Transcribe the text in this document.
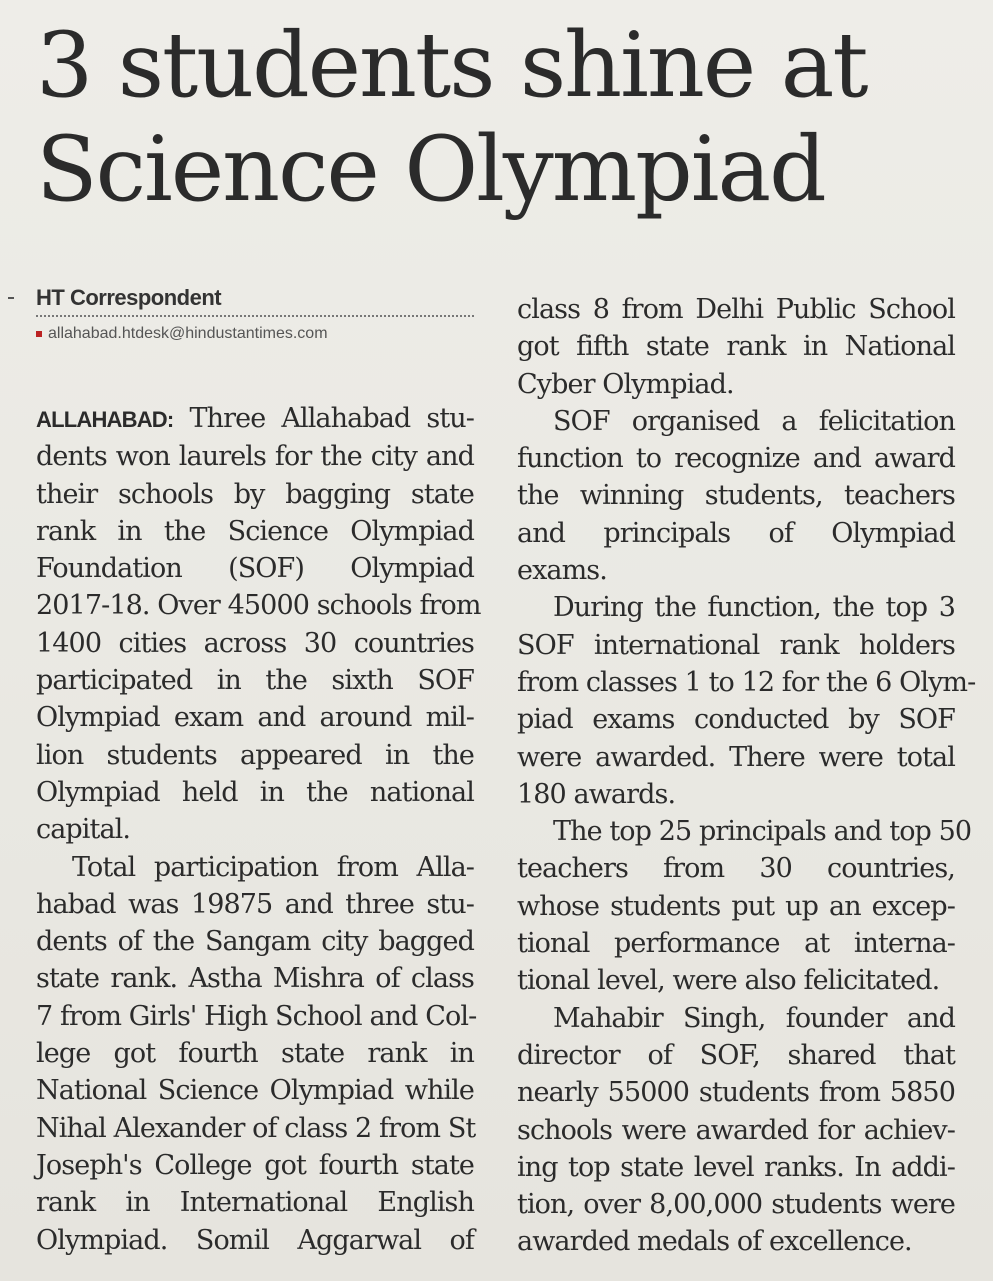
3 students shine at
Science Olympiad
HT Correspondent
allahabad.htdesk@hindustantimes.com
ALLAHABAD: Three Allahabad stu-
dents won laurels for the city and
their schools by bagging state
rank in the Science Olympiad
Foundation (SOF) Olympiad
2017-18. Over 45000 schools from
1400 cities across 30 countries
participated in the sixth SOF
Olympiad exam and around mil-
lion students appeared in the
Olympiad held in the national
capital.
Total participation from Alla-
habad was 19875 and three stu-
dents of the Sangam city bagged
state rank. Astha Mishra of class
7 from Girls' High School and Col-
lege got fourth state rank in
National Science Olympiad while
Nihal Alexander of class 2 from St
Joseph's College got fourth state
rank in International English
Olympiad. Somil Aggarwal of
class 8 from Delhi Public School
got fifth state rank in National
Cyber Olympiad.
SOF organised a felicitation
function to recognize and award
the winning students, teachers
and principals of Olympiad
exams.
During the function, the top 3
SOF international rank holders
from classes 1 to 12 for the 6 Olym-
piad exams conducted by SOF
were awarded. There were total
180 awards.
The top 25 principals and top 50
teachers from 30 countries,
whose students put up an excep-
tional performance at interna-
tional level, were also felicitated.
Mahabir Singh, founder and
director of SOF, shared that
nearly 55000 students from 5850
schools were awarded for achiev-
ing top state level ranks. In addi-
tion, over 8,00,000 students were
awarded medals of excellence.
